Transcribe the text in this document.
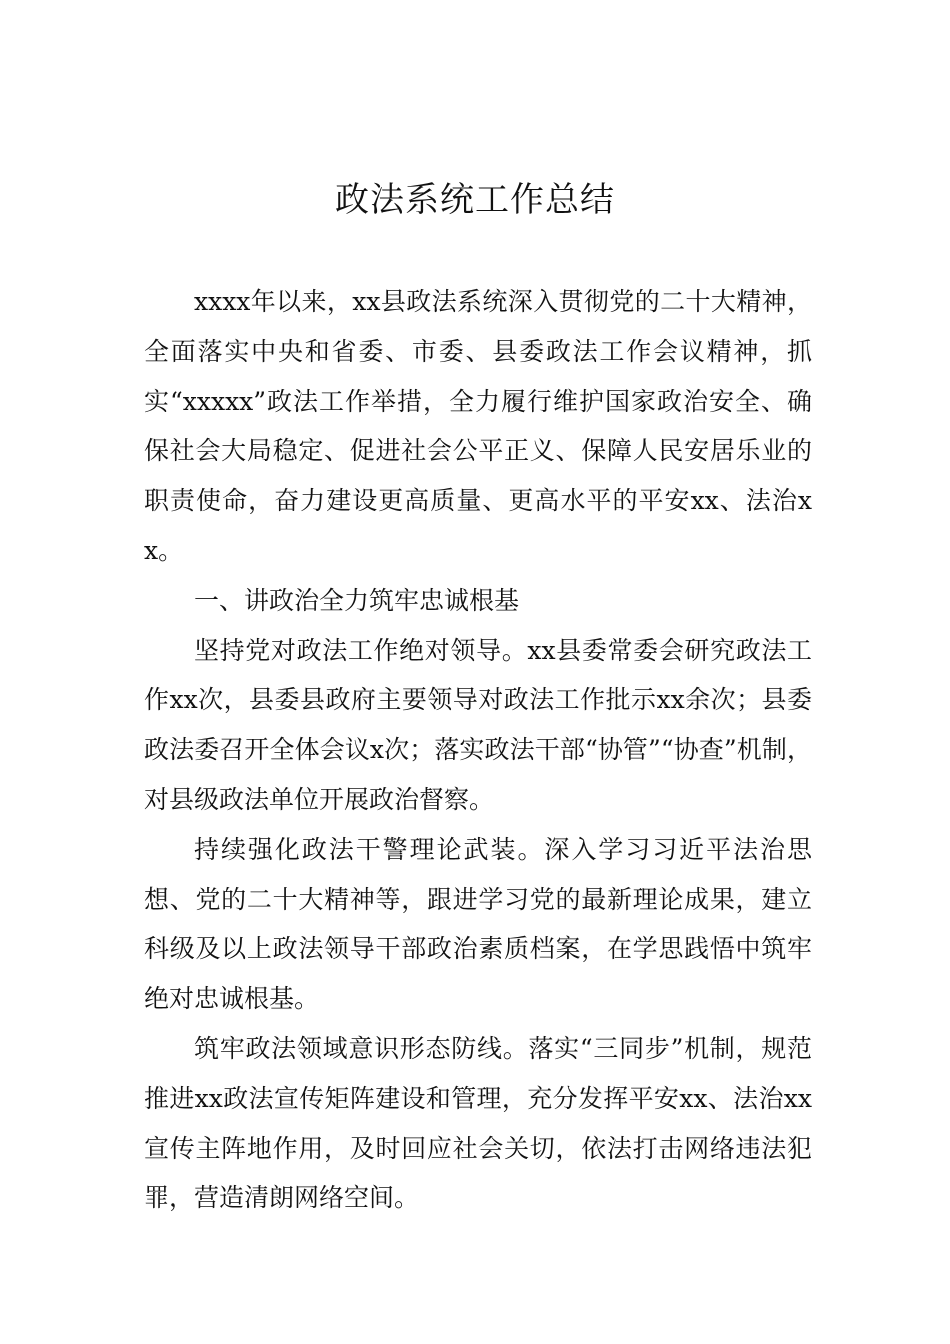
政法系统工作总结

xxxx年以来，xx县政法系统深入贯彻党的二十大精神，全面落实中央和省委、市委、县委政法工作会议精神，抓实“xxxxx”政法工作举措，全力履行维护国家政治安全、确保社会大局稳定、促进社会公平正义、保障人民安居乐业的职责使命，奋力建设更高质量、更高水平的平安xx、法治xx。

一、讲政治全力筑牢忠诚根基

坚持党对政法工作绝对领导。xx县委常委会研究政法工作xx次，县委县政府主要领导对政法工作批示xx余次；县委政法委召开全体会议x次；落实政法干部“协管”“协查”机制，对县级政法单位开展政治督察。

持续强化政法干警理论武装。深入学习习近平法治思想、党的二十大精神等，跟进学习党的最新理论成果，建立科级及以上政法领导干部政治素质档案，在学思践悟中筑牢绝对忠诚根基。

筑牢政法领域意识形态防线。落实“三同步”机制，规范推进xx政法宣传矩阵建设和管理，充分发挥平安xx、法治xx宣传主阵地作用，及时回应社会关切，依法打击网络违法犯罪，营造清朗网络空间。
